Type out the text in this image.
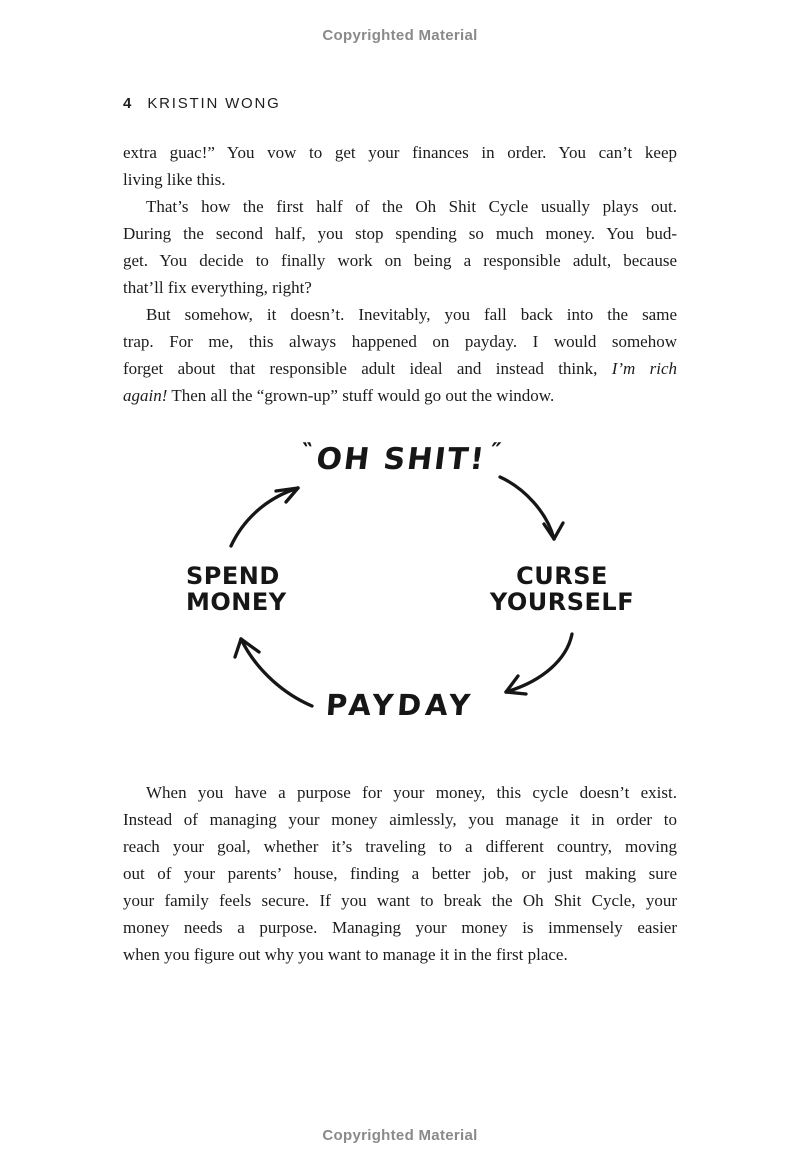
Copyrighted Material
4 KRISTIN WONG
extra guac!” You vow to get your finances in order. You can’t keep
living like this.
That’s how the first half of the Oh Shit Cycle usually plays out.
During the second half, you stop spending so much money. You bud-
get. You decide to finally work on being a responsible adult, because
that’ll fix everything, right?
But somehow, it doesn’t. Inevitably, you fall back into the same
trap. For me, this always happened on payday. I would somehow
forget about that responsible adult ideal and instead think, I’m rich
again! Then all the “grown-up” stuff would go out the window.
‶OH SHIT!″
SPEND
MONEY
CURSE
YOURSELF
PAYDAY
When you have a purpose for your money, this cycle doesn’t exist.
Instead of managing your money aimlessly, you manage it in order to
reach your goal, whether it’s traveling to a different country, moving
out of your parents’ house, finding a better job, or just making sure
your family feels secure. If you want to break the Oh Shit Cycle, your
money needs a purpose. Managing your money is immensely easier
when you figure out why you want to manage it in the first place.
Copyrighted Material
